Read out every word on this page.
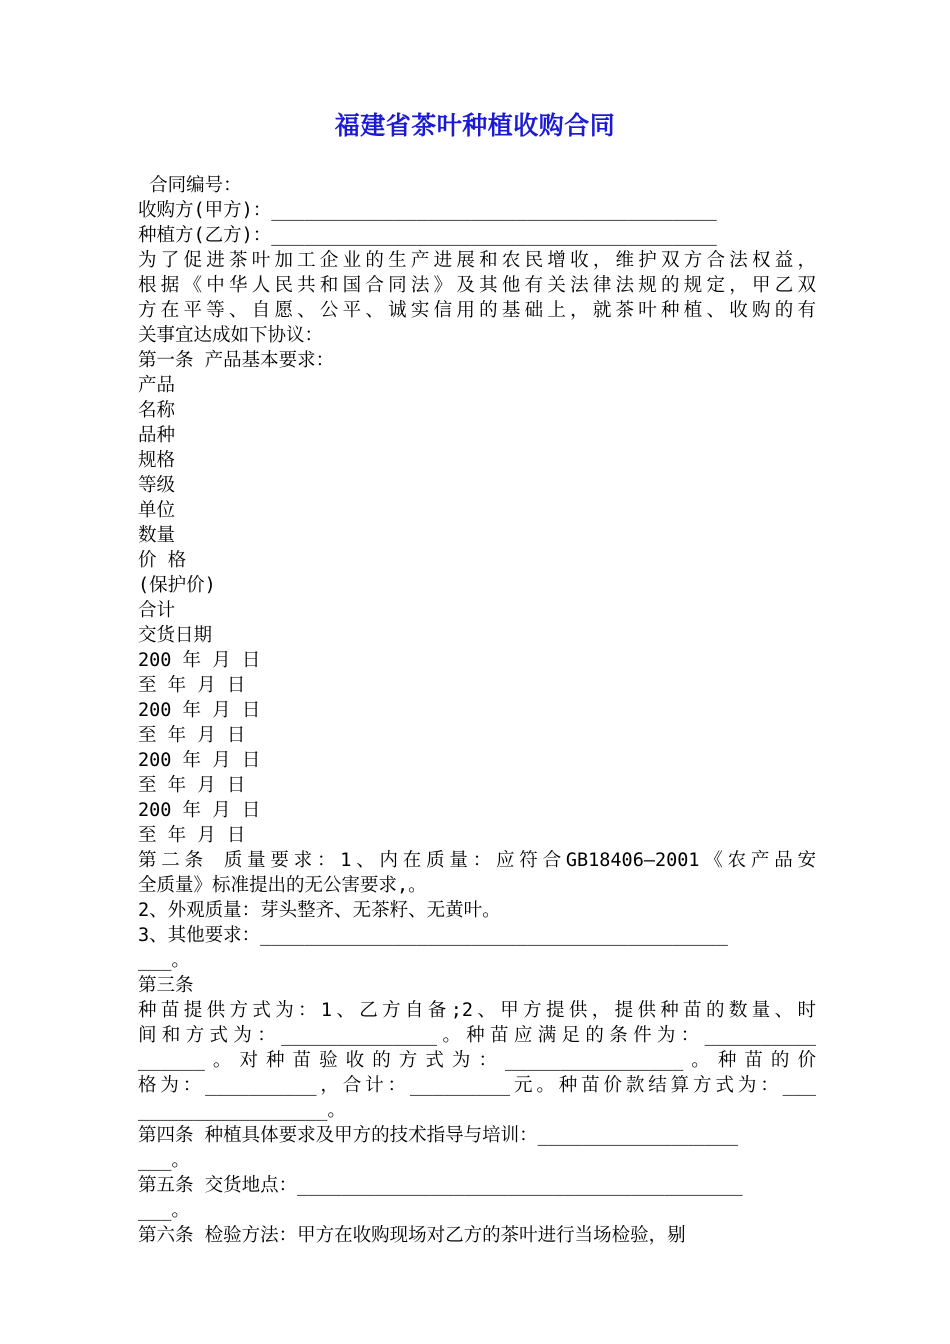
福建省茶叶种植收购合同
合同编号：
收购方(甲方)：________________________________________
种植方(乙方)：________________________________________
为了促进茶叶加工企业的生产进展和农民增收，维护双方合法权益，
根据《中华人民共和国合同法》及其他有关法律法规的规定，甲乙双
方在平等、自愿、公平、诚实信用的基础上，就茶叶种植、收购的有
关事宜达成如下协议：
第一条 产品基本要求：
产品
名称
品种
规格
等级
单位
数量
价 格
(保护价)
合计
交货日期
200 年 月 日
至 年 月 日
200 年 月 日
至 年 月 日
200 年 月 日
至 年 月 日
200 年 月 日
至 年 月 日
第二条 质量要求：1、内在质量：应符合GB18406—2001《农产品安
全质量》标准提出的无公害要求,。
2、外观质量：芽头整齐、无茶籽、无黄叶。
3、其他要求：__________________________________________
___。
第三条
种苗提供方式为：1、乙方自备;2、甲方提供，提供种苗的数量、时
间和方式为：______________。种苗应满足的条件为：__________
______。对种苗验收的方式为：________________。种苗的价
格为：__________，合计：_________元。种苗价款结算方式为：___
_________________。
第四条 种植具体要求及甲方的技术指导与培训：__________________
___。
第五条 交货地点：________________________________________
___。
第六条 检验方法：甲方在收购现场对乙方的茶叶进行当场检验，剔
